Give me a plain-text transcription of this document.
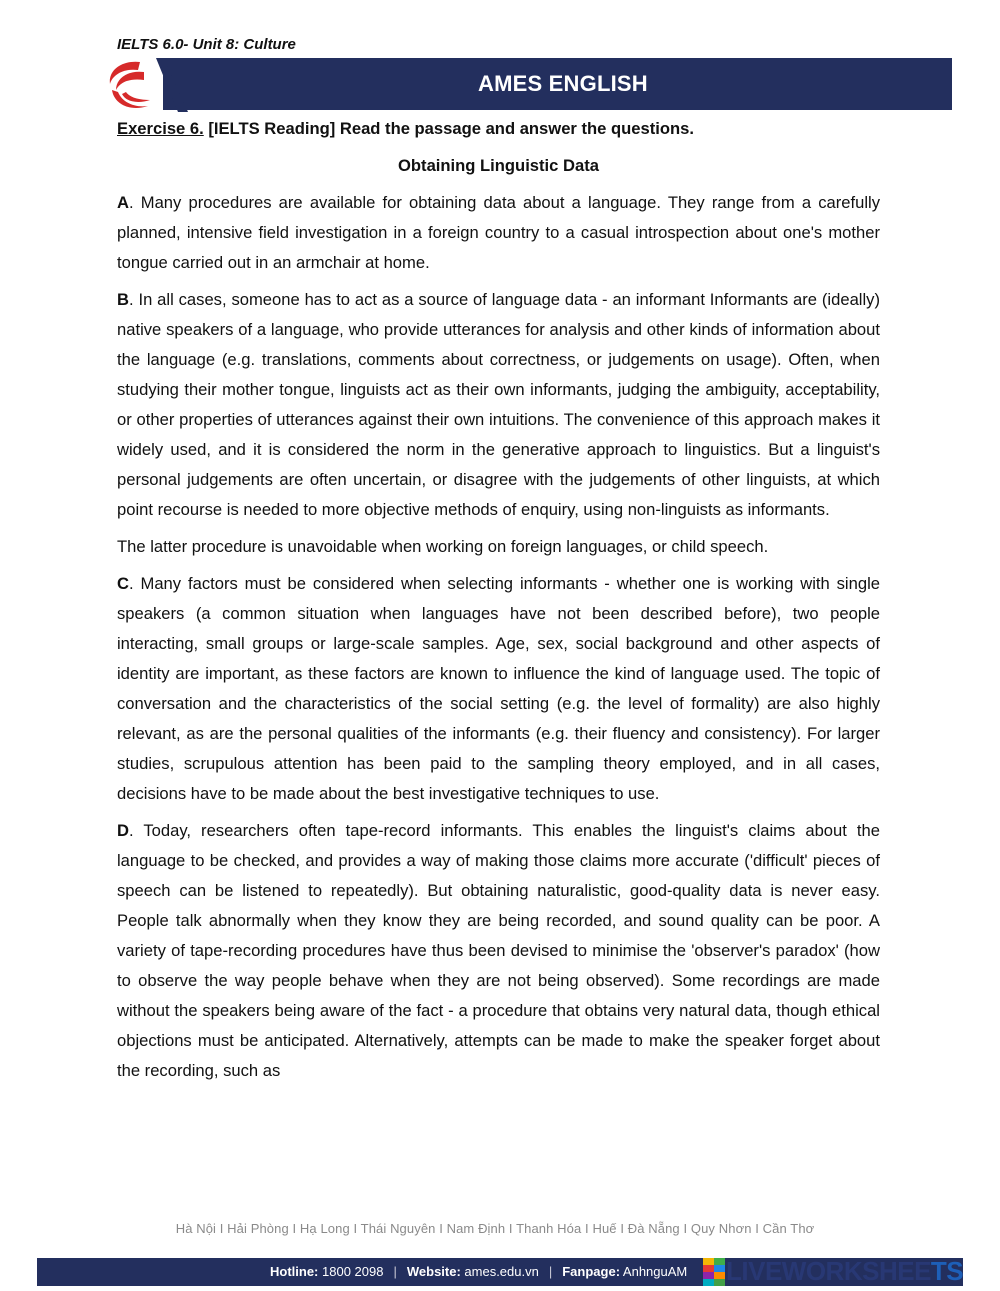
IELTS 6.0- Unit 8: Culture
AMES ENGLISH

Exercise 6. [IELTS Reading] Read the passage and answer the questions.

Obtaining Linguistic Data

A. Many procedures are available for obtaining data about a language. They range from a carefully planned, intensive field investigation in a foreign country to a casual introspection about one's mother tongue carried out in an armchair at home.

B. In all cases, someone has to act as a source of language data - an informant Informants are (ideally) native speakers of a language, who provide utterances for analysis and other kinds of information about the language (e.g. translations, comments about correctness, or judgements on usage). Often, when studying their mother tongue, linguists act as their own informants, judging the ambiguity, acceptability, or other properties of utterances against their own intuitions. The convenience of this approach makes it widely used, and it is considered the norm in the generative approach to linguistics. But a linguist's personal judgements are often uncertain, or disagree with the judgements of other linguists, at which point recourse is needed to more objective methods of enquiry, using non-linguists as informants.

The latter procedure is unavoidable when working on foreign languages, or child speech.

C. Many factors must be considered when selecting informants - whether one is working with single speakers (a common situation when languages have not been described before), two people interacting, small groups or large-scale samples. Age, sex, social background and other aspects of identity are important, as these factors are known to influence the kind of language used. The topic of conversation and the characteristics of the social setting (e.g. the level of formality) are also highly relevant, as are the personal qualities of the informants (e.g. their fluency and consistency). For larger studies, scrupulous attention has been paid to the sampling theory employed, and in all cases, decisions have to be made about the best investigative techniques to use.

D. Today, researchers often tape-record informants. This enables the linguist's claims about the language to be checked, and provides a way of making those claims more accurate ('difficult' pieces of speech can be listened to repeatedly). But obtaining naturalistic, good-quality data is never easy. People talk abnormally when they know they are being recorded, and sound quality can be poor. A variety of tape-recording procedures have thus been devised to minimise the 'observer's paradox' (how to observe the way people behave when they are not being observed). Some recordings are made without the speakers being aware of the fact - a procedure that obtains very natural data, though ethical objections must be anticipated. Alternatively, attempts can be made to make the speaker forget about the recording, such as

Hà Nội I Hải Phòng I Hạ Long I Thái Nguyên I Nam Định I Thanh Hóa I Huế I Đà Nẵng I Quy Nhơn I Cần Thơ
Hotline: 1800 2098 | Website: ames.edu.vn | Fanpage: AnhnguAM LIVEWORKSHEETS
